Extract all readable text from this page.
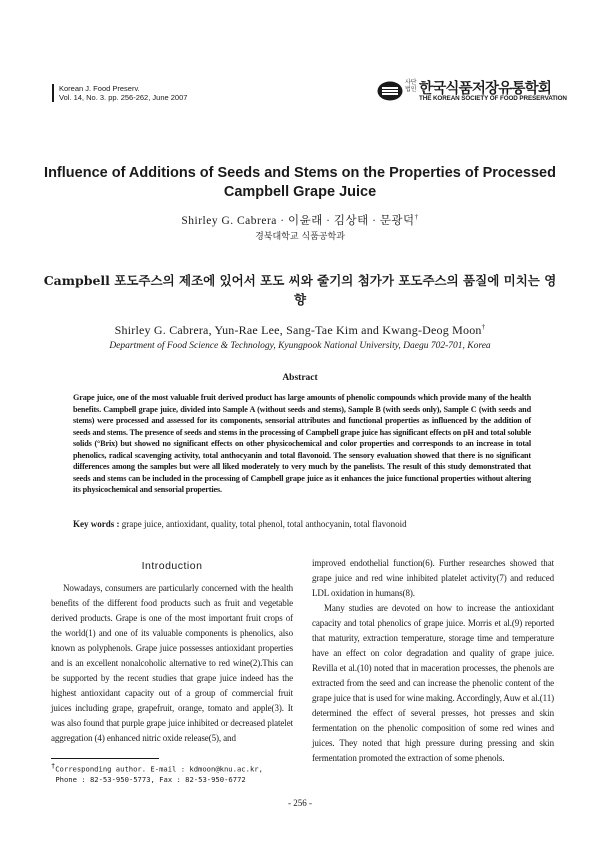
Korean J. Food Preserv.
Vol. 14, No. 3. pp. 256-262, June 2007
사단법인 한국식품저장유통학회
THE KOREAN SOCIETY OF FOOD PRESERVATION
Influence of Additions of Seeds and Stems on the Properties of Processed Campbell Grape Juice
Shirley G. Cabrera · 이윤래 · 김상태 · 문광덕†
경북대학교 식품공학과
Campbell 포도주스의 제조에 있어서 포도 씨와 줄기의 첨가가 포도주스의 품질에 미치는 영향
Shirley G. Cabrera, Yun-Rae Lee, Sang-Tae Kim and Kwang-Deog Moon†
Department of Food Science & Technology, Kyungpook National University, Daegu 702-701, Korea
Abstract
Grape juice, one of the most valuable fruit derived product has large amounts of phenolic compounds which provide many of the health benefits. Campbell grape juice, divided into Sample A (without seeds and stems), Sample B (with seeds only), Sample C (with seeds and stems) were processed and assessed for its components, sensorial attributes and functional properties as influenced by the addition of seeds and stems. The presence of seeds and stems in the processing of Campbell grape juice has significant effects on pH and total soluble solids (°Brix) but showed no significant effects on other physicochemical and color properties and corresponds to an increase in total phenolics, radical scavenging activity, total anthocyanin and total flavonoid. The sensory evaluation showed that there is no significant differences among the samples but were all liked moderately to very much by the panelists. The result of this study demonstrated that seeds and stems can be included in the processing of Campbell grape juice as it enhances the juice functional properties without altering its physicochemical and sensorial properties.
Key words : grape juice, antioxidant, quality, total phenol, total anthocyanin, total flavonoid
Introduction

Nowadays, consumers are particularly concerned with the health benefits of the different food products such as fruit and vegetable derived products. Grape is one of the most important fruit crops of the world(1) and one of its valuable components is phenolics, also known as polyphenols. Grape juice possesses antioxidant properties and is an excellent nonalcoholic alternative to red wine(2).This can be supported by the recent studies that grape juice indeed has the highest antioxidant capacity out of a group of commercial fruit juices including grape, grapefruit, orange, tomato and apple(3). It was also found that purple grape juice inhibited or decreased platelet aggregation (4) enhanced nitric oxide release(5), and

improved endothelial function(6). Further researches showed that grape juice and red wine inhibited platelet activity(7) and reduced LDL oxidation in humans(8).

Many studies are devoted on how to increase the antioxidant capacity and total phenolics of grape juice. Morris et al.(9) reported that maturity, extraction temperature, storage time and temperature have an effect on color degradation and quality of grape juice. Revilla et al.(10) noted that in maceration processes, the phenols are extracted from the seed and can increase the phenolic content of the grape juice that is used for wine making. Accordingly, Auw et al.(11) determined the effect of several presses, hot presses and skin fermentation on the phenolic composition of some red wines and juices. They noted that high pressure during pressing and skin fermentation promoted the extraction of some phenols.

†Corresponding author. E-mail : kdmoon@knu.ac.kr,
Phone : 82-53-950-5773, Fax : 82-53-950-6772
- 256 -
